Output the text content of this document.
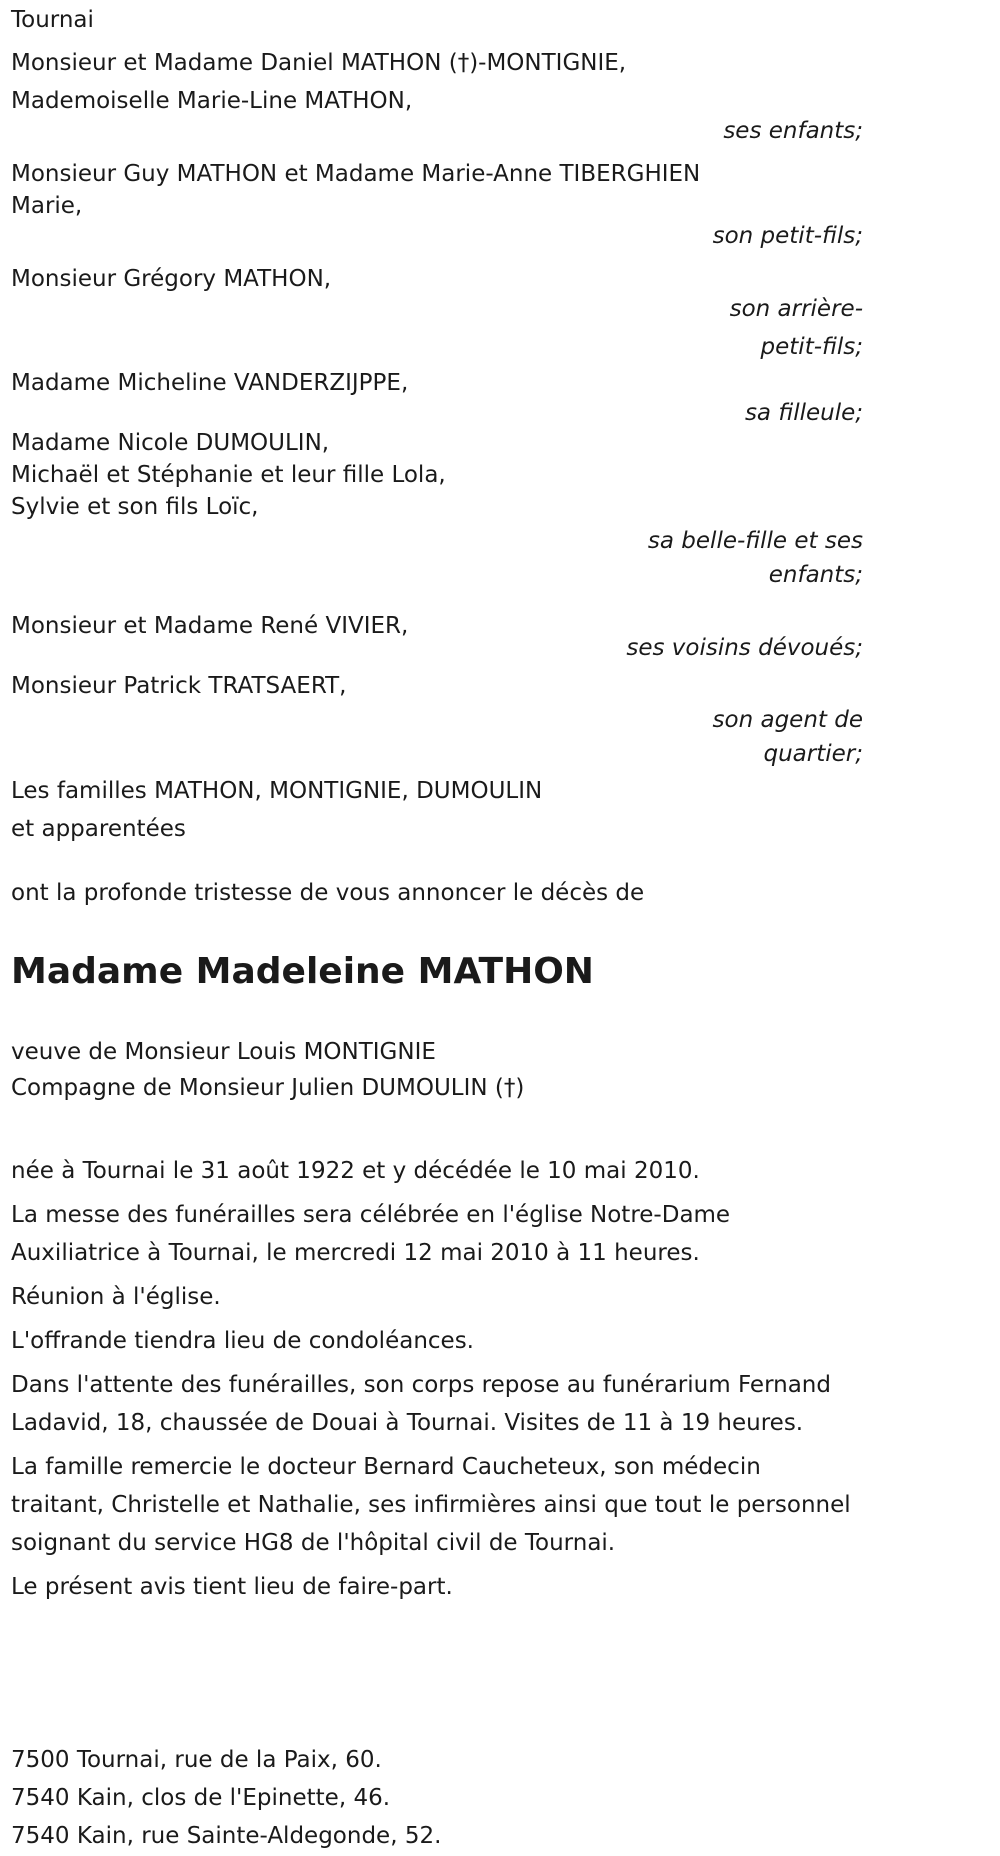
Tournai
Monsieur et Madame Daniel MATHON (†)-MONTIGNIE,
Mademoiselle Marie-Line MATHON,
ses enfants;
Monsieur Guy MATHON et Madame Marie-Anne TIBERGHIEN
Marie,
son petit-fils;
Monsieur Grégory MATHON,
son arrière-
petit-fils;
Madame Micheline VANDERZIJPPE,
sa filleule;
Madame Nicole DUMOULIN,
Michaël et Stéphanie et leur fille Lola,
Sylvie et son fils Loïc,
sa belle-fille et ses
enfants;
Monsieur et Madame René VIVIER,
ses voisins dévoués;
Monsieur Patrick TRATSAERT,
son agent de
quartier;
Les familles MATHON, MONTIGNIE, DUMOULIN
et apparentées
ont la profonde tristesse de vous annoncer le décès de
Madame Madeleine MATHON
veuve de Monsieur Louis MONTIGNIE
Compagne de Monsieur Julien DUMOULIN (†)
née à Tournai le 31 août 1922 et y décédée le 10 mai 2010.
La messe des funérailles sera célébrée en l'église Notre-Dame
Auxiliatrice à Tournai, le mercredi 12 mai 2010 à 11 heures.
Réunion à l'église.
L'offrande tiendra lieu de condoléances.
Dans l'attente des funérailles, son corps repose au funérarium Fernand
Ladavid, 18, chaussée de Douai à Tournai. Visites de 11 à 19 heures.
La famille remercie le docteur Bernard Caucheteux, son médecin
traitant, Christelle et Nathalie, ses infirmières ainsi que tout le personnel
soignant du service HG8 de l'hôpital civil de Tournai.
Le présent avis tient lieu de faire-part.
7500 Tournai, rue de la Paix, 60.
7540 Kain, clos de l'Epinette, 46.
7540 Kain, rue Sainte-Aldegonde, 52.
